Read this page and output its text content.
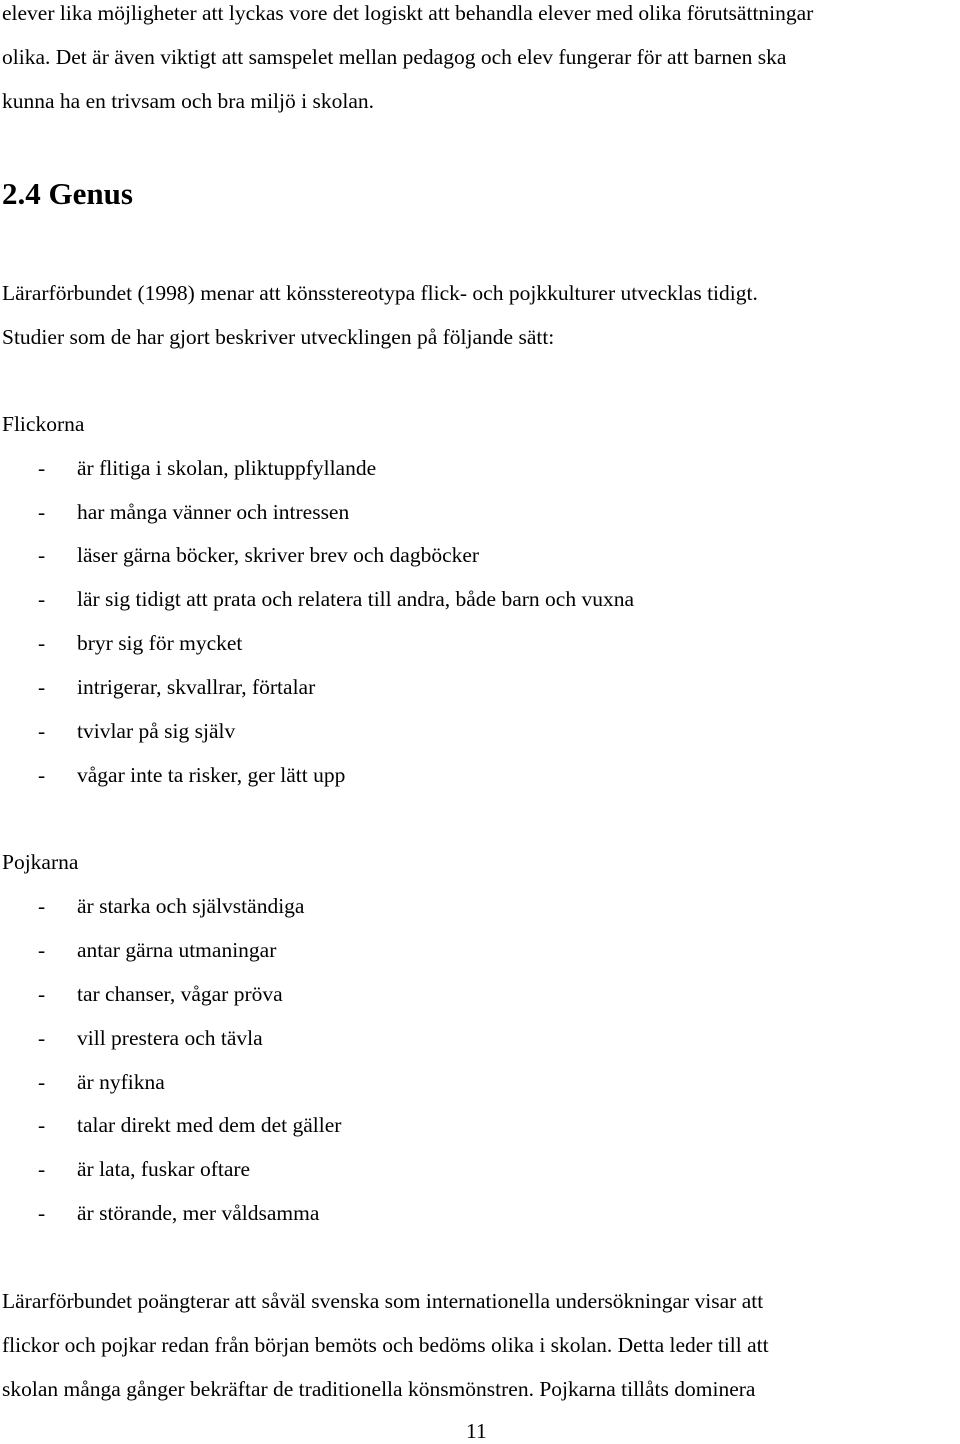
elever lika möjligheter att lyckas vore det logiskt att behandla elever med olika förutsättningar
olika. Det är även viktigt att samspelet mellan pedagog och elev fungerar för att barnen ska
kunna ha en trivsam och bra miljö i skolan.
2.4 Genus
Lärarförbundet (1998) menar att könsstereotypa flick- och pojkkulturer utvecklas tidigt.
Studier som de har gjort beskriver utvecklingen på följande sätt:
Flickorna
- är flitiga i skolan, pliktuppfyllande
- har många vänner och intressen
- läser gärna böcker, skriver brev och dagböcker
- lär sig tidigt att prata och relatera till andra, både barn och vuxna
- bryr sig för mycket
- intrigerar, skvallrar, förtalar
- tvivlar på sig själv
- vågar inte ta risker, ger lätt upp
Pojkarna
- är starka och självständiga
- antar gärna utmaningar
- tar chanser, vågar pröva
- vill prestera och tävla
- är nyfikna
- talar direkt med dem det gäller
- är lata, fuskar oftare
- är störande, mer våldsamma
Lärarförbundet poängterar att såväl svenska som internationella undersökningar visar att
flickor och pojkar redan från början bemöts och bedöms olika i skolan. Detta leder till att
skolan många gånger bekräftar de traditionella könsmönstren. Pojkarna tillåts dominera
11
